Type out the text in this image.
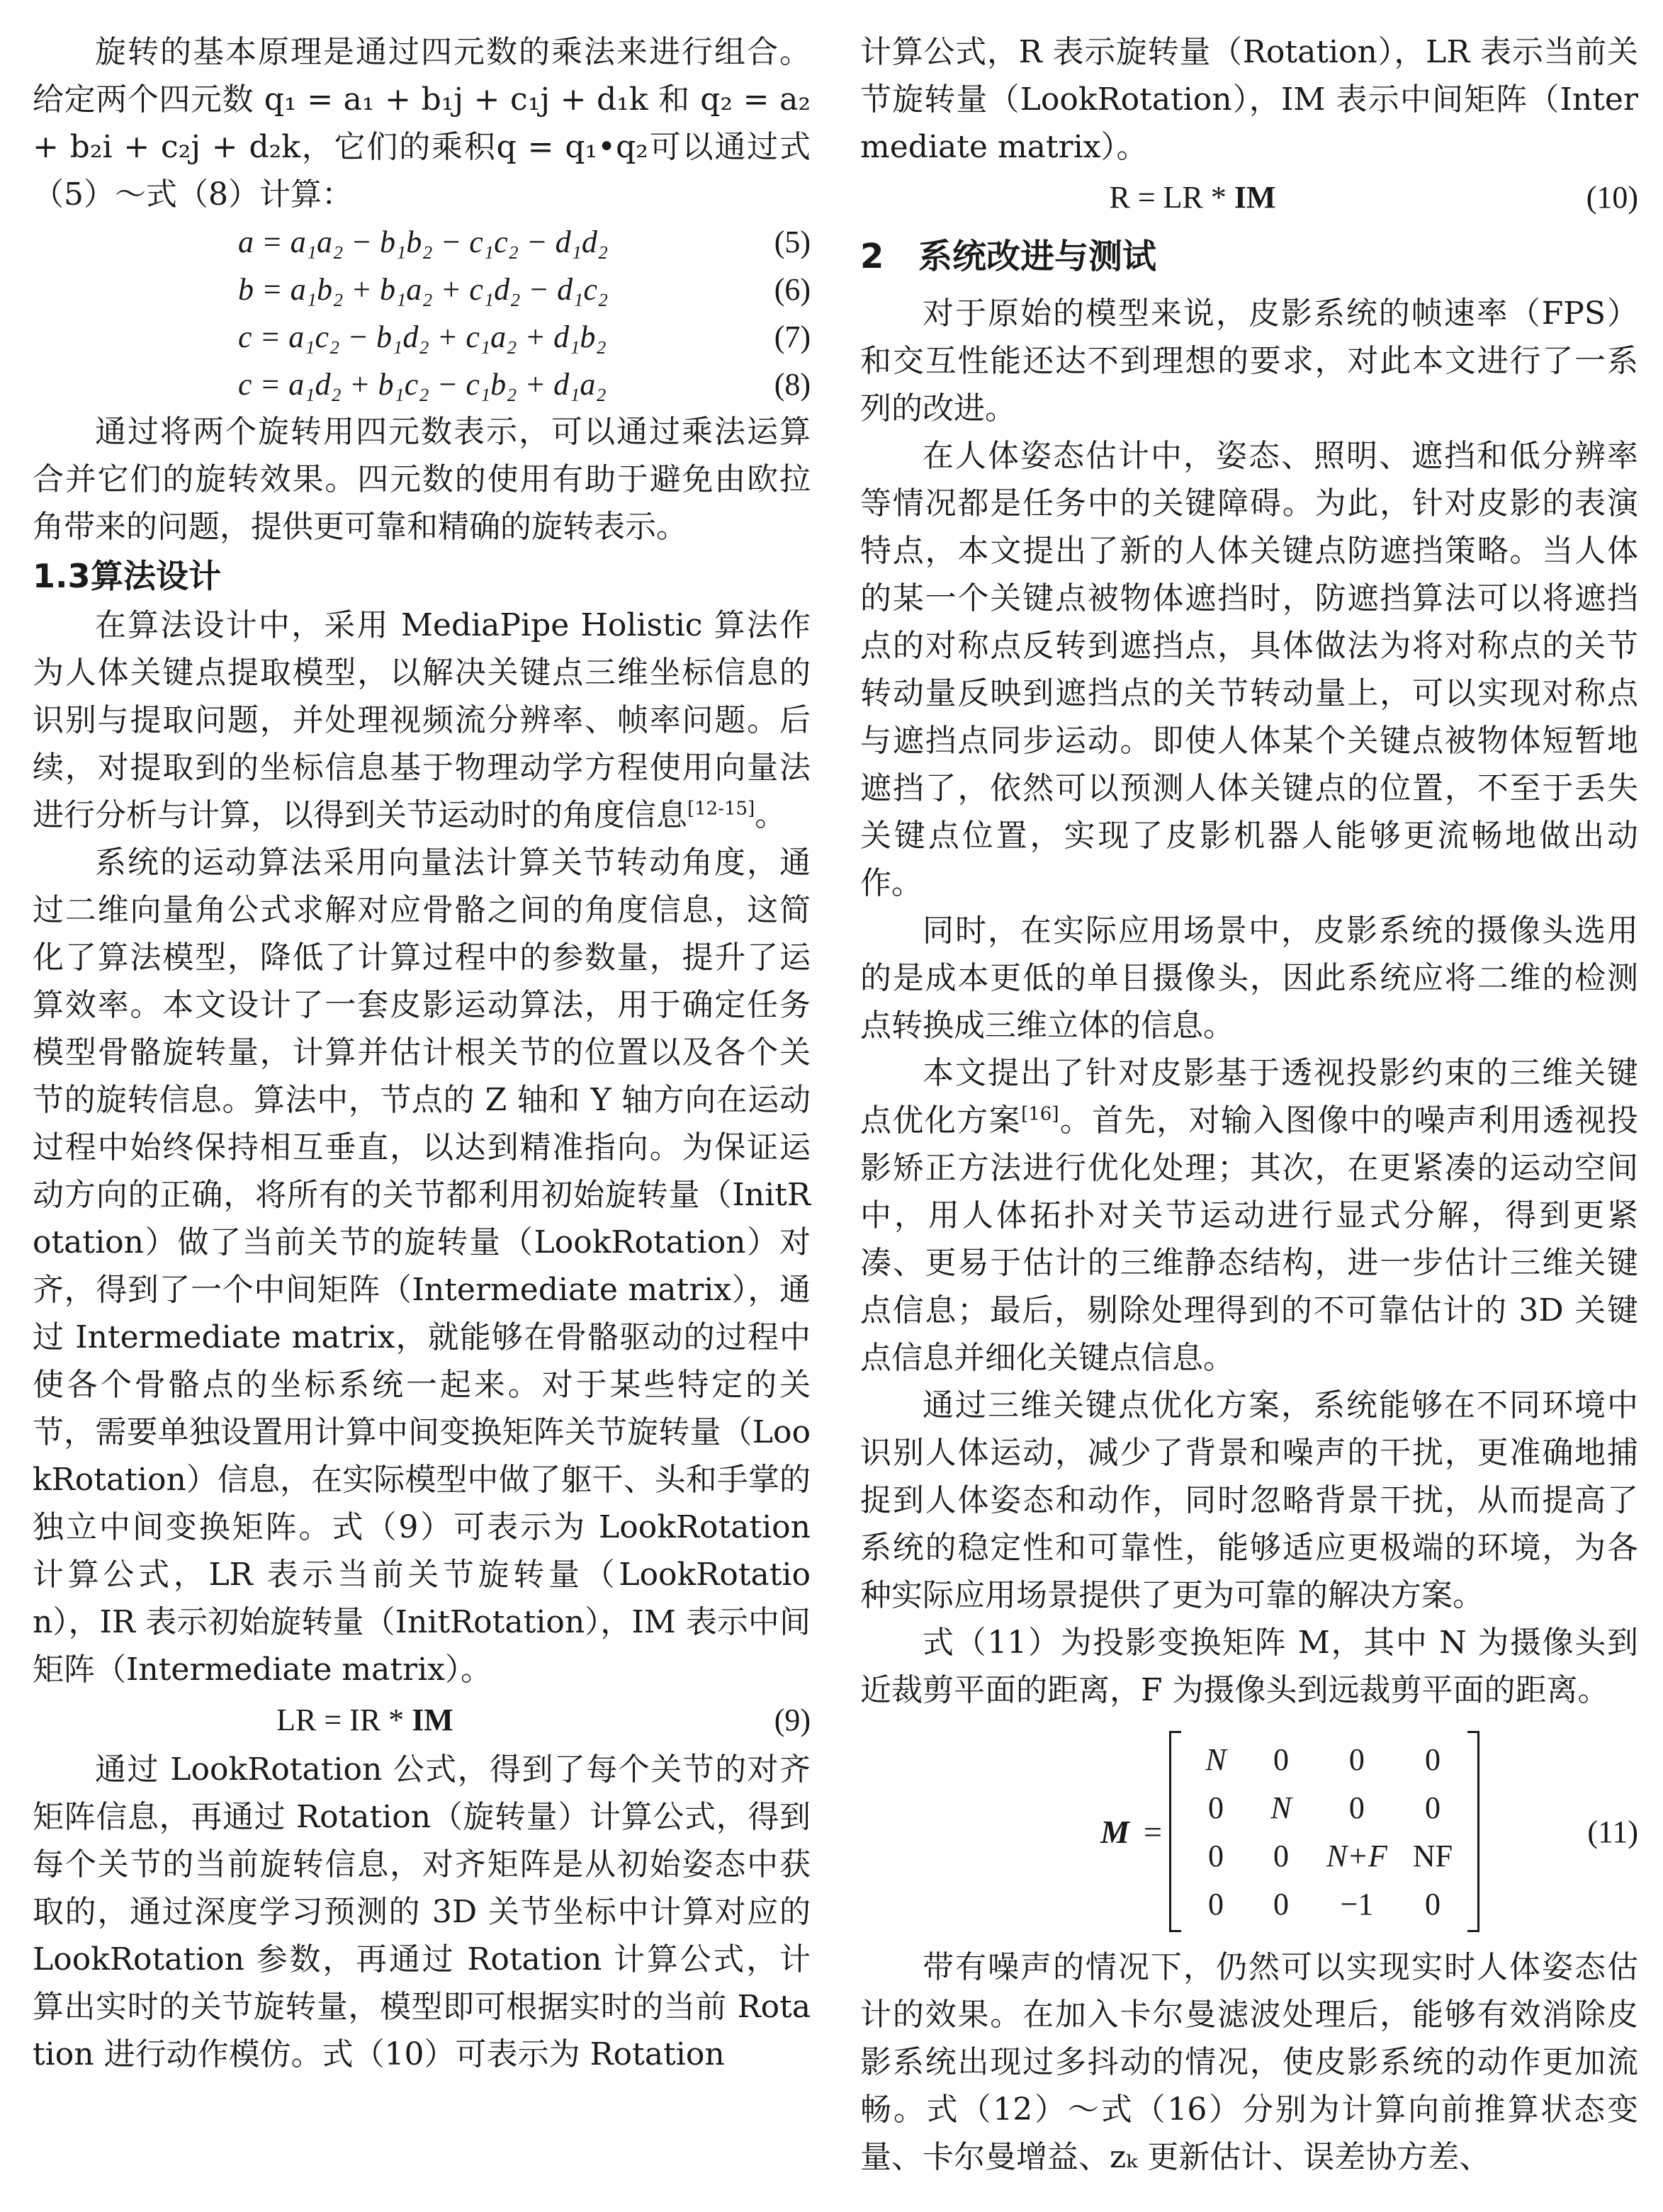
旋转的基本原理是通过四元数的乘法来进行组合。给定两个四元数 q₁ = a₁ + b₁j + c₁j + d₁k 和 q₂ = a₂ + b₂i + c₂j + d₂k，它们的乘积q = q₁•q₂可以通过式（5）～式（8）计算：

a = a₁a₂ − b₁b₂ − c₁c₂ − d₁d₂	(5)
b = a₁b₂ + b₁a₂ + c₁d₂ − d₁c₂	(6)
c = a₁c₂ − b₁d₂ + c₁a₂ + d₁b₂	(7)
c = a₁d₂ + b₁c₂ − c₁b₂ + d₁a₂	(8)

通过将两个旋转用四元数表示，可以通过乘法运算合并它们的旋转效果。四元数的使用有助于避免由欧拉角带来的问题，提供更可靠和精确的旋转表示。

1.3算法设计

在算法设计中，采用 MediaPipe Holistic 算法作为人体关键点提取模型，以解决关键点三维坐标信息的识别与提取问题，并处理视频流分辨率、帧率问题。后续，对提取到的坐标信息基于物理动学方程使用向量法进行分析与计算，以得到关节运动时的角度信息[12-15]。

系统的运动算法采用向量法计算关节转动角度，通过二维向量角公式求解对应骨骼之间的角度信息，这简化了算法模型，降低了计算过程中的参数量，提升了运算效率。本文设计了一套皮影运动算法，用于确定任务模型骨骼旋转量，计算并估计根关节的位置以及各个关节的旋转信息。算法中，节点的 Z 轴和 Y 轴方向在运动过程中始终保持相互垂直，以达到精准指向。为保证运动方向的正确，将所有的关节都利用初始旋转量（InitRotation）做了当前关节的旋转量（LookRotation）对齐，得到了一个中间矩阵（Intermediate matrix），通过 Intermediate matrix，就能够在骨骼驱动的过程中使各个骨骼点的坐标系统一起来。对于某些特定的关节，需要单独设置用计算中间变换矩阵关节旋转量（LookRotation）信息，在实际模型中做了躯干、头和手掌的独立中间变换矩阵。式（9）可表示为 LookRotation 计算公式，LR 表示当前关节旋转量（LookRotation），IR 表示初始旋转量（InitRotation），IM 表示中间矩阵（Intermediate matrix）。

LR = IR * IM	(9)

通过 LookRotation 公式，得到了每个关节的对齐矩阵信息，再通过 Rotation（旋转量）计算公式，得到每个关节的当前旋转信息，对齐矩阵是从初始姿态中获取的，通过深度学习预测的 3D 关节坐标中计算对应的 LookRotation 参数，再通过 Rotation 计算公式，计算出实时的关节旋转量，模型即可根据实时的当前 Rotation 进行动作模仿。式（10）可表示为 Rotation

计算公式，R 表示旋转量（Rotation），LR 表示当前关节旋转量（LookRotation），IM 表示中间矩阵（Intermediate matrix）。

R = LR * IM	(10)
2 系统改进与测试

对于原始的模型来说，皮影系统的帧速率（FPS）和交互性能还达不到理想的要求，对此本文进行了一系列的改进。

在人体姿态估计中，姿态、照明、遮挡和低分辨率等情况都是任务中的关键障碍。为此，针对皮影的表演特点，本文提出了新的人体关键点防遮挡策略。当人体的某一个关键点被物体遮挡时，防遮挡算法可以将遮挡点的对称点反转到遮挡点，具体做法为将对称点的关节转动量反映到遮挡点的关节转动量上，可以实现对称点与遮挡点同步运动。即使人体某个关键点被物体短暂地遮挡了，依然可以预测人体关键点的位置，不至于丢失关键点位置，实现了皮影机器人能够更流畅地做出动作。

同时，在实际应用场景中，皮影系统的摄像头选用的是成本更低的单目摄像头，因此系统应将二维的检测点转换成三维立体的信息。

本文提出了针对皮影基于透视投影约束的三维关键点优化方案[16]。首先，对输入图像中的噪声利用透视投影矫正方法进行优化处理；其次，在更紧凑的运动空间中，用人体拓扑对关节运动进行显式分解，得到更紧凑、更易于估计的三维静态结构，进一步估计三维关键点信息；最后，剔除处理得到的不可靠估计的 3D 关键点信息并细化关键点信息。

通过三维关键点优化方案，系统能够在不同环境中识别人体运动，减少了背景和噪声的干扰，更准确地捕捉到人体姿态和动作，同时忽略背景干扰，从而提高了系统的稳定性和可靠性，能够适应更极端的环境，为各种实际应用场景提供了更为可靠的解决方案。

式（11）为投影变换矩阵 M，其中 N 为摄像头到近裁剪平面的距离，F 为摄像头到远裁剪平面的距离。

M =
N	0	0	0
0	N	0	0
0	0	N+F	NF
0	0	−1	0
(11)

带有噪声的情况下，仍然可以实现实时人体姿态估计的效果。在加入卡尔曼滤波处理后，能够有效消除皮影系统出现过多抖动的情况，使皮影系统的动作更加流畅。式（12）～式（16）分别为计算向前推算状态变量、卡尔曼增益、zₖ 更新估计、误差协方差、
